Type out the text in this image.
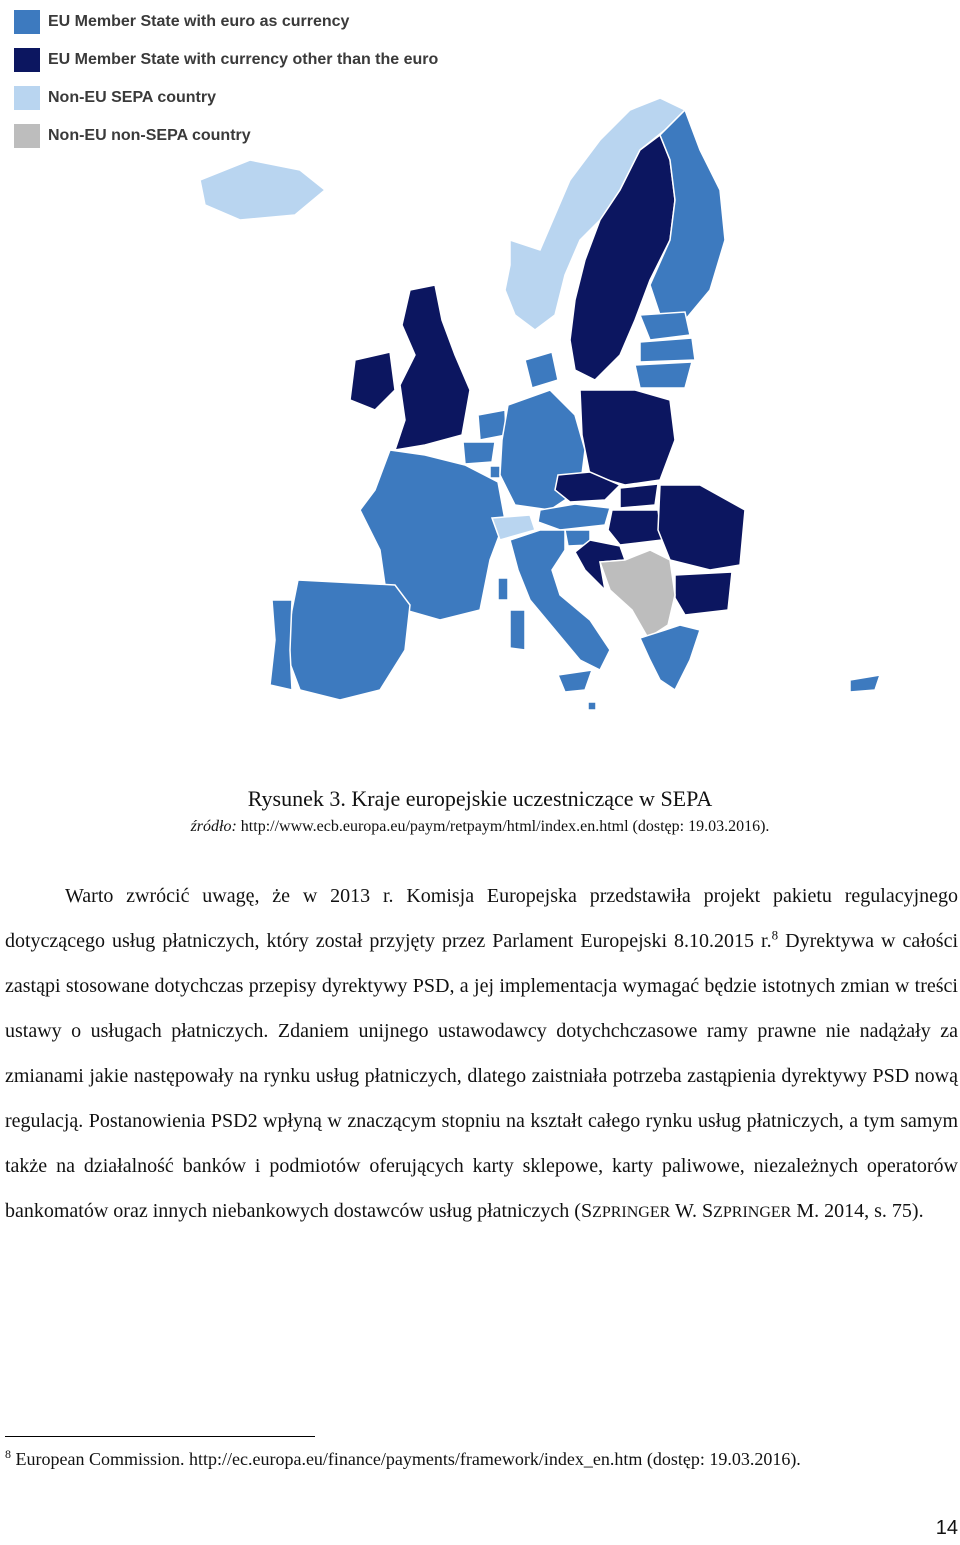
EU Member State with euro as currency
EU Member State with currency other than the euro
Non-EU SEPA country
Non-EU non-SEPA country
Rysunek 3. Kraje europejskie uczestniczące w SEPA
źródło: http://www.ecb.europa.eu/paym/retpaym/html/index.en.html (dostęp: 19.03.2016).

Warto zwrócić uwagę, że w 2013 r. Komisja Europejska przedstawiła projekt pakietu regulacyjnego dotyczącego usług płatniczych, który został przyjęty przez Parlament Europejski 8.10.2015 r.$^8$ Dyrektywa w całości zastąpi stosowane dotychczas przepisy dyrektywy PSD, a jej implementacja wymagać będzie istotnych zmian w treści ustawy o usługach płatniczych. Zdaniem unijnego ustawodawcy dotychchczasowe ramy prawne nie nadążały za zmianami jakie następowały na rynku usług płatniczych, dlatego zaistniała potrzeba zastąpienia dyrektywy PSD nową regulacją. Postanowienia PSD2 wpłyną w znaczącym stopniu na kształt całego rynku usług płatniczych, a tym samym także na działalność banków i podmiotów oferujących karty sklepowe, karty paliwowe, niezależnych operatorów bankomatów oraz innych niebankowych dostawców usług płatniczych (SZPRINGER W. SZPRINGER M. 2014, s. 75).

$^8$ European Commission. http://ec.europa.eu/finance/payments/framework/index_en.htm (dostęp: 19.03.2016).

14
